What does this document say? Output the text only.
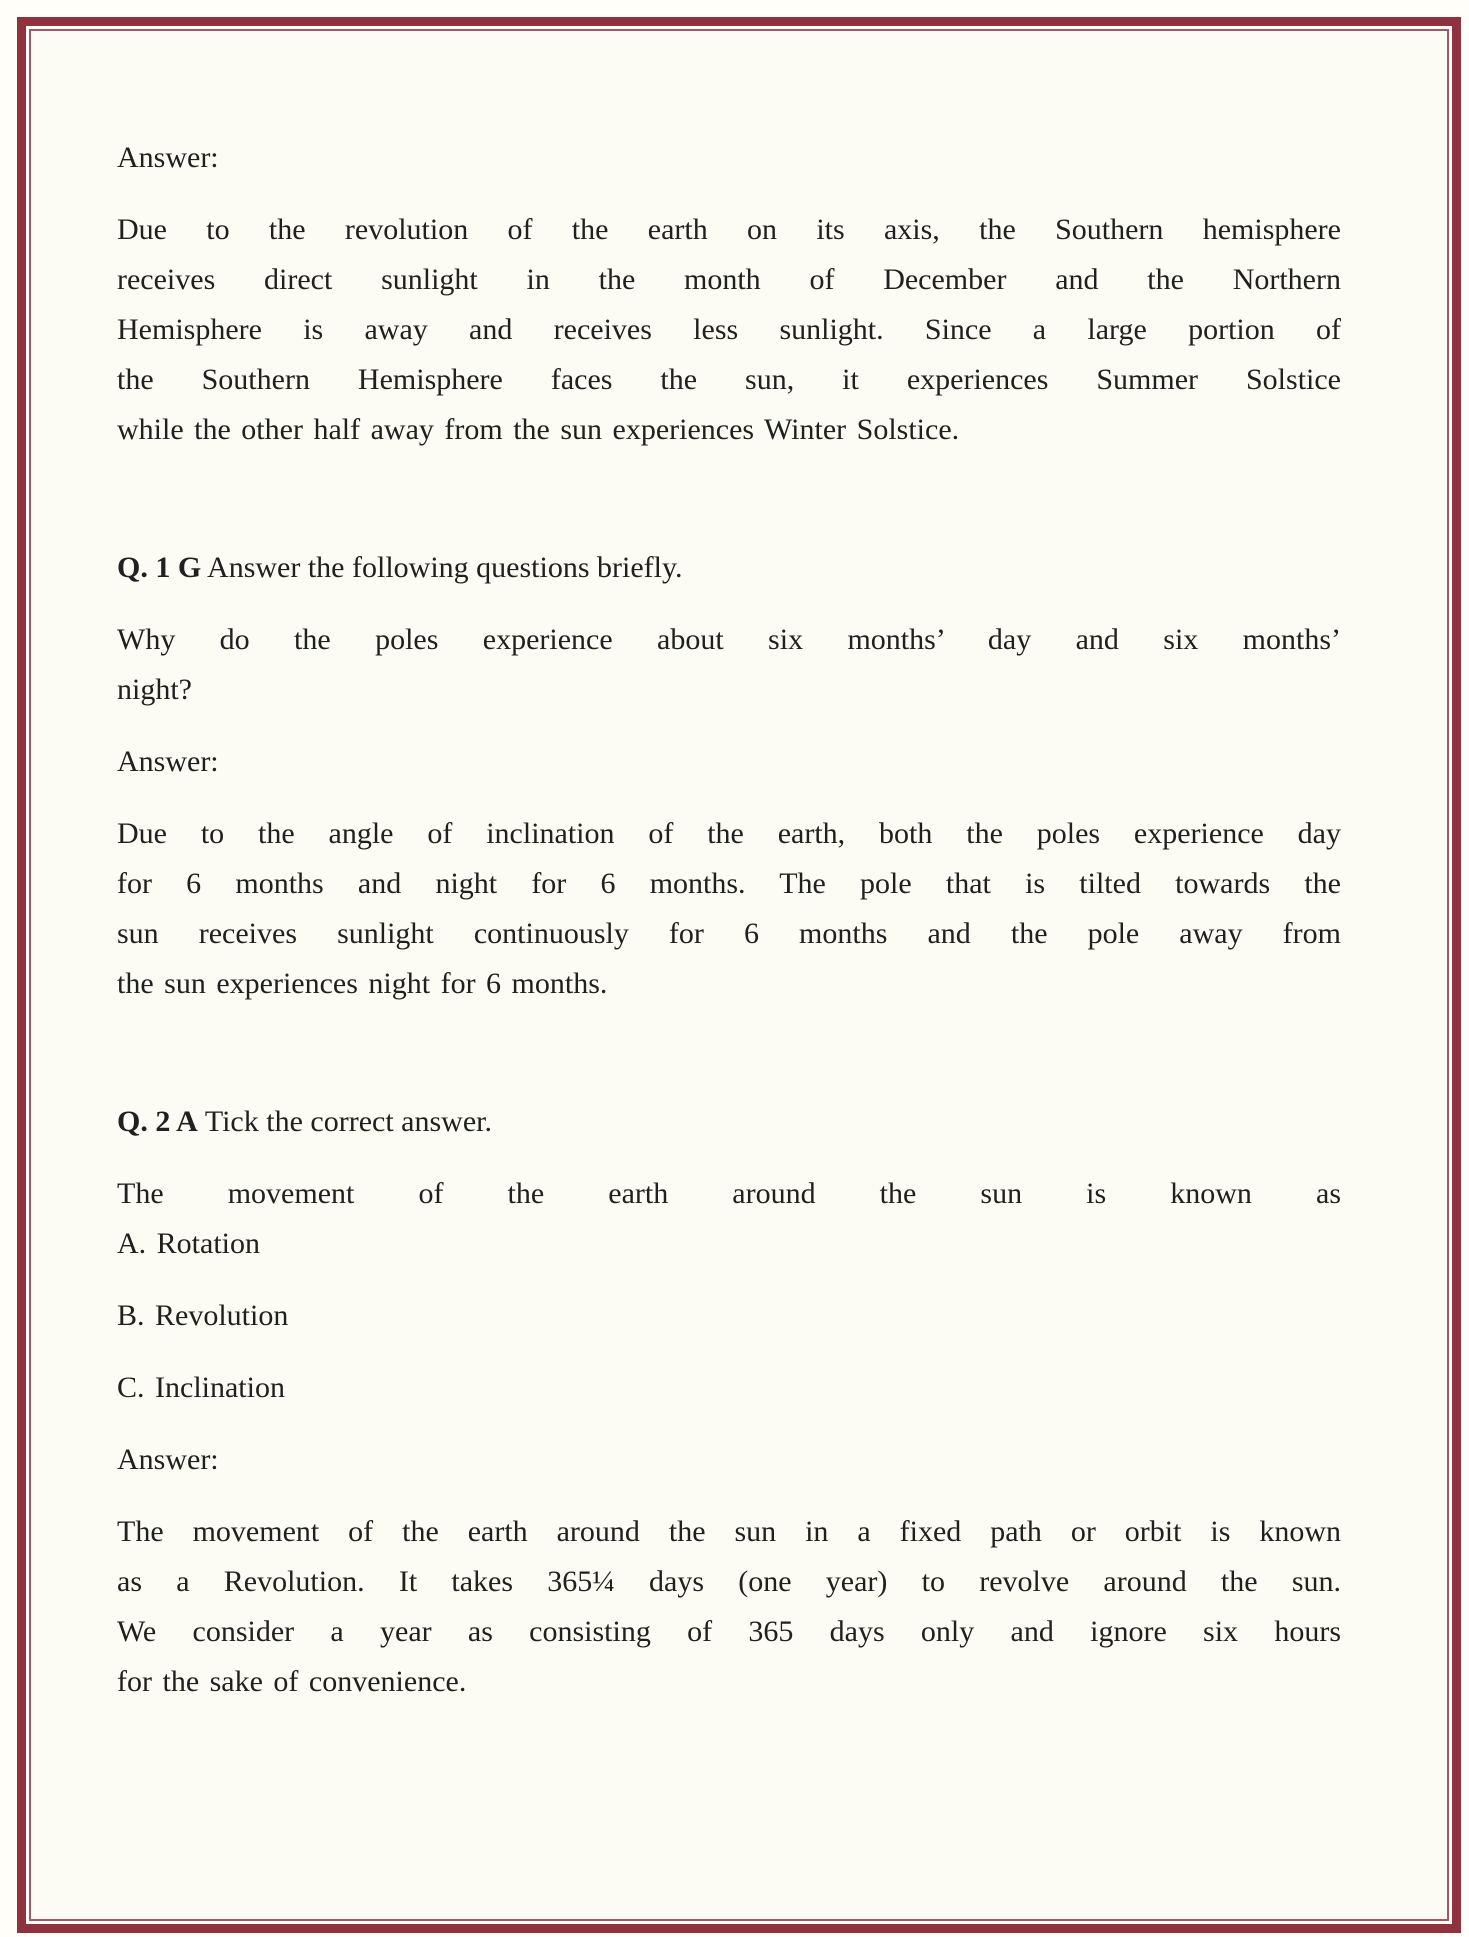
Answer:
Due to the revolution of the earth on its axis, the Southern hemisphere
receives direct sunlight in the month of December and the Northern
Hemisphere is away and receives less sunlight. Since a large portion of
the Southern Hemisphere faces the sun, it experiences Summer Solstice
while the other half away from the sun experiences Winter Solstice.
Q. 1 G Answer the following questions briefly.
Why do the poles experience about six months’ day and six months’
night?
Answer:
Due to the angle of inclination of the earth, both the poles experience day
for 6 months and night for 6 months. The pole that is tilted towards the
sun receives sunlight continuously for 6 months and the pole away from
the sun experiences night for 6 months.
Q. 2 A Tick the correct answer.
The movement of the earth around the sun is known as
A. Rotation
B. Revolution
C. Inclination
Answer:
The movement of the earth around the sun in a fixed path or orbit is known
as a Revolution. It takes 365¼ days (one year) to revolve around the sun.
We consider a year as consisting of 365 days only and ignore six hours
for the sake of convenience.
